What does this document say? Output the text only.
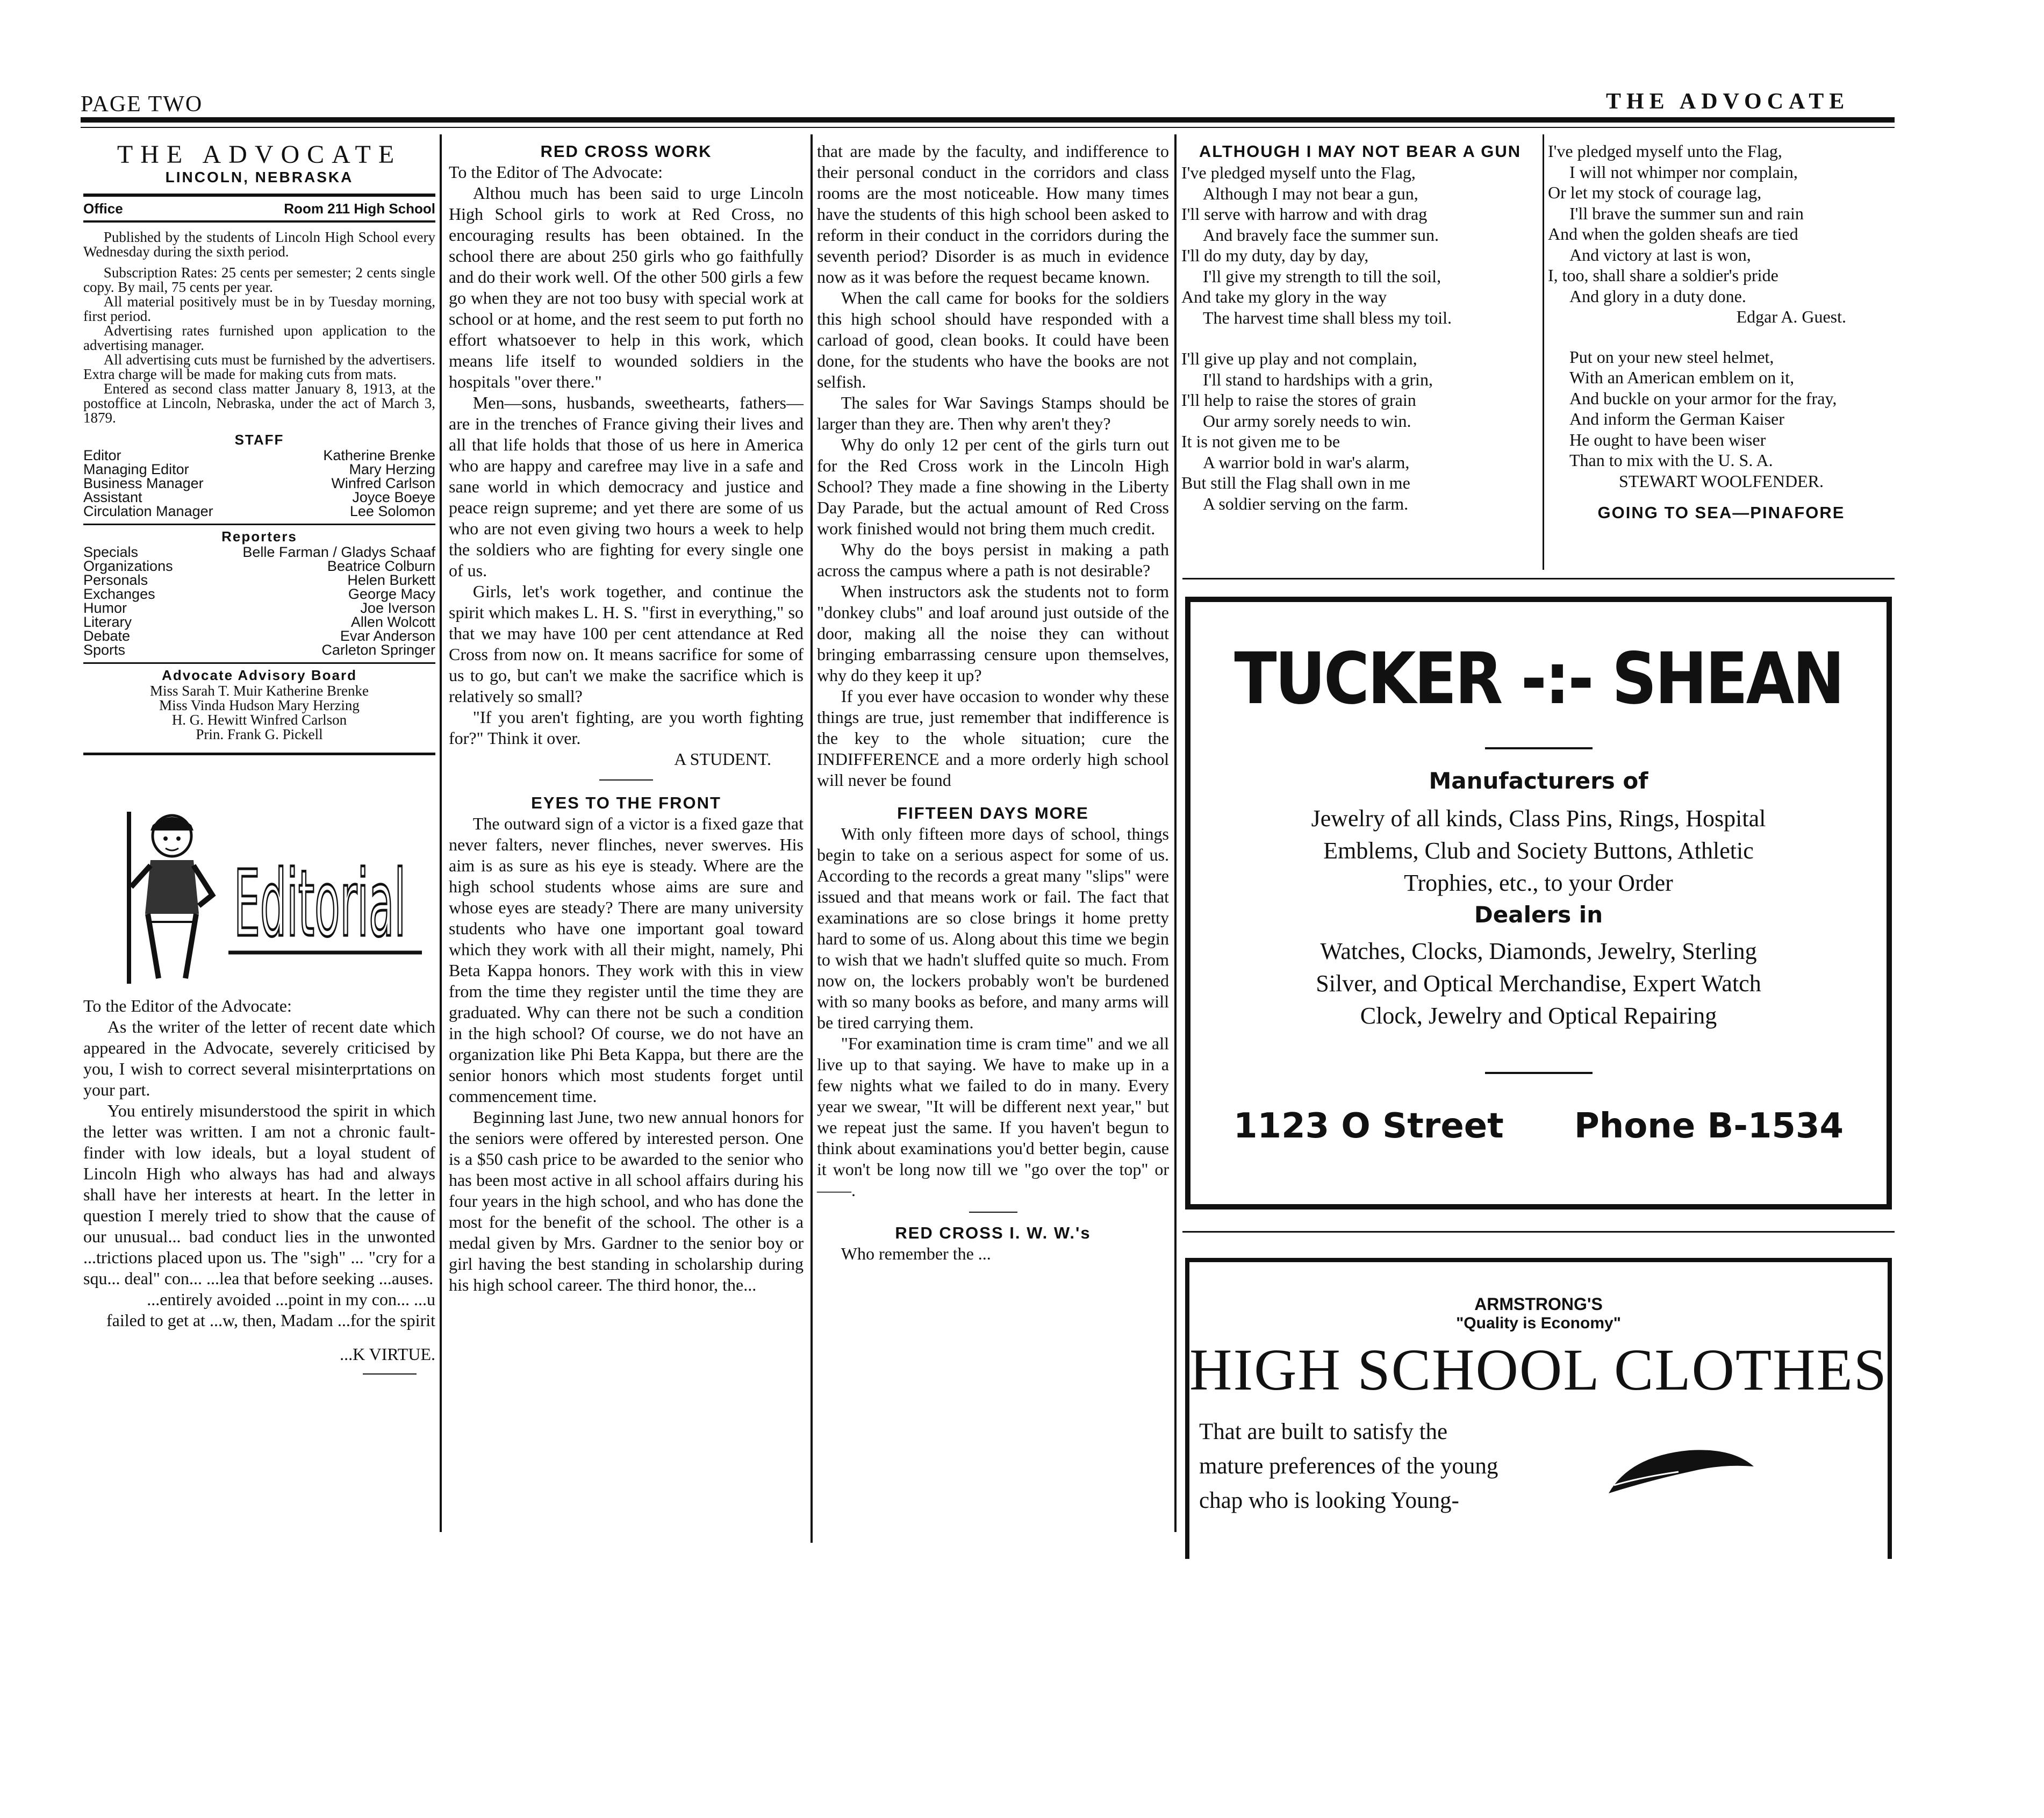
PAGE TWO	THE ADVOCATE
THE ADVOCATE
LINCOLN, NEBRASKA
Office	Room 211 High School

Published by the students of Lincoln High School every Wednesday during the sixth period.

Subscription Rates: 25 cents per semester; 2 cents single copy. By mail, 75 cents per year.

All material positively must be in by Tuesday morning, first period.

Advertising rates furnished upon application to the advertising manager.

All advertising cuts must be furnished by the advertisers. Extra charge will be made for making cuts from mats.

Entered as second class matter January 8, 1913, at the postoffice at Lincoln, Nebraska, under the act of March 3, 1879.

STAFF
Editor	Katherine Brenke
Managing Editor	Mary Herzing
Business Manager	Winfred Carlson
Assistant	Joyce Boeye
Circulation Manager	Lee Solomon
Reporters
Specials	Belle Farman / Gladys Schaaf
Organizations	Beatrice Colburn
Personals	Helen Burkett
Exchanges	George Macy
Humor	Joe Iverson
Literary	Allen Wolcott
Debate	Evar Anderson
Sports	Carleton Springer
Advocate Advisory Board
Miss Sarah T. Muir Katherine Brenke
Miss Vinda Hudson Mary Herzing
H. G. Hewitt Winfred Carlson
Prin. Frank G. Pickell
Editorial

To the Editor of the Advocate:

As the writer of the letter of recent date which appeared in the Advocate, severely criticised by you, I wish to correct several misinterprtations on your part.

You entirely misunderstood the spirit in which the letter was written. I am not a chronic fault-finder with low ideals, but a loyal student of Lincoln High who always has had and always shall have her interests at heart. In the letter in question I merely tried to show that the cause of our unusual... bad conduct lies in the unwonted ...trictions placed upon us. The "sigh" ... "cry for a squ... deal" con... ...lea that before seeking ...auses.

...entirely avoided ...point in my con... ...u failed to get at ...w, then, Madam ...for the spirit

...K VIRTUE.

RED CROSS WORK

To the Editor of The Advocate:

Althou much has been said to urge Lincoln High School girls to work at Red Cross, no encouraging results has been obtained. In the school there are about 250 girls who go faithfully and do their work well. Of the other 500 girls a few go when they are not too busy with special work at school or at home, and the rest seem to put forth no effort whatsoever to help in this work, which means life itself to wounded soldiers in the hospitals "over there."

Men—sons, husbands, sweethearts, fathers—are in the trenches of France giving their lives and all that life holds that those of us here in America who are happy and carefree may live in a safe and sane world in which democracy and justice and peace reign supreme; and yet there are some of us who are not even giving two hours a week to help the soldiers who are fighting for every single one of us.

Girls, let's work together, and continue the spirit which makes L. H. S. "first in everything," so that we may have 100 per cent attendance at Red Cross from now on. It means sacrifice for some of us to go, but can't we make the sacrifice which is relatively so small?

"If you aren't fighting, are you worth fighting for?" Think it over.

A STUDENT.

EYES TO THE FRONT

The outward sign of a victor is a fixed gaze that never falters, never flinches, never swerves. His aim is as sure as his eye is steady. Where are the high school students whose aims are sure and whose eyes are steady? There are many university students who have one important goal toward which they work with all their might, namely, Phi Beta Kappa honors. They work with this in view from the time they register until the time they are graduated. Why can there not be such a condition in the high school? Of course, we do not have an organization like Phi Beta Kappa, but there are the senior honors which most students forget until commencement time.

Beginning last June, two new annual honors for the seniors were offered by interested person. One is a $50 cash price to be awarded to the senior who has been most active in all school affairs during his four years in the high school, and who has done the most for the benefit of the school. The other is a medal given by Mrs. Gardner to the senior boy or girl having the best standing in scholarship during his high school career. The third honor, the...

that are made by the faculty, and indifference to their personal conduct in the corridors and class rooms are the most noticeable. How many times have the students of this high school been asked to reform in their conduct in the corridors during the seventh period? Disorder is as much in evidence now as it was before the request became known.

When the call came for books for the soldiers this high school should have responded with a carload of good, clean books. It could have been done, for the students who have the books are not selfish.

The sales for War Savings Stamps should be larger than they are. Then why aren't they?

Why do only 12 per cent of the girls turn out for the Red Cross work in the Lincoln High School? They made a fine showing in the Liberty Day Parade, but the actual amount of Red Cross work finished would not bring them much credit.

Why do the boys persist in making a path across the campus where a path is not desirable?

When instructors ask the students not to form "donkey clubs" and loaf around just outside of the door, making all the noise they can without bringing embarrassing censure upon themselves, why do they keep it up?

If you ever have occasion to wonder why these things are true, just remember that indifference is the key to the whole situation; cure the INDIFFERENCE and a more orderly high school will never be found

FIFTEEN DAYS MORE

With only fifteen more days of school, things begin to take on a serious aspect for some of us. According to the records a great many "slips" were issued and that means work or fail. The fact that examinations are so close brings it home pretty hard to some of us. Along about this time we begin to wish that we hadn't sluffed quite so much. From now on, the lockers probably won't be burdened with so many books as before, and many arms will be tired carrying them.

"For examination time is cram time" and we all live up to that saying. We have to make up in a few nights what we failed to do in many. Every year we swear, "It will be different next year," but we repeat just the same. If you haven't begun to think about examinations you'd better begin, cause it won't be long now till we "go over the top" or——.

RED CROSS I. W. W.'s

Who remember the ...

ALTHOUGH I MAY NOT BEAR A GUN
I've pledged myself unto the Flag,
Although I may not bear a gun,
I'll serve with harrow and with drag
And bravely face the summer sun.
I'll do my duty, day by day,
I'll give my strength to till the soil,
And take my glory in the way
The harvest time shall bless my toil.
I'll give up play and not complain,
I'll stand to hardships with a grin,
I'll help to raise the stores of grain
Our army sorely needs to win.
It is not given me to be
A warrior bold in war's alarm,
But still the Flag shall own in me
A soldier serving on the farm.
I've pledged myself unto the Flag,
I will not whimper nor complain,
Or let my stock of courage lag,
I'll brave the summer sun and rain
And when the golden sheafs are tied
And victory at last is won,
I, too, shall share a soldier's pride
And glory in a duty done.
Edgar A. Guest.
Put on your new steel helmet,
With an American emblem on it,
And buckle on your armor for the fray,
And inform the German Kaiser
He ought to have been wiser
Than to mix with the U. S. A.
STEWART WOOLFENDER.
GOING TO SEA—PINAFORE
TUCKER -:- SHEAN
Manufacturers of
Jewelry of all kinds, Class Pins, Rings, Hospital
Emblems, Club and Society Buttons, Athletic
Trophies, etc., to your Order
Dealers in
Watches, Clocks, Diamonds, Jewelry, Sterling
Silver, and Optical Merchandise, Expert Watch
Clock, Jewelry and Optical Repairing
1123 O Street Phone B-1534
ARMSTRONG'S
"Quality is Economy"
HIGH SCHOOL CLOTHES
That are built to satisfy the
mature preferences of the young
chap who is looking Young-
